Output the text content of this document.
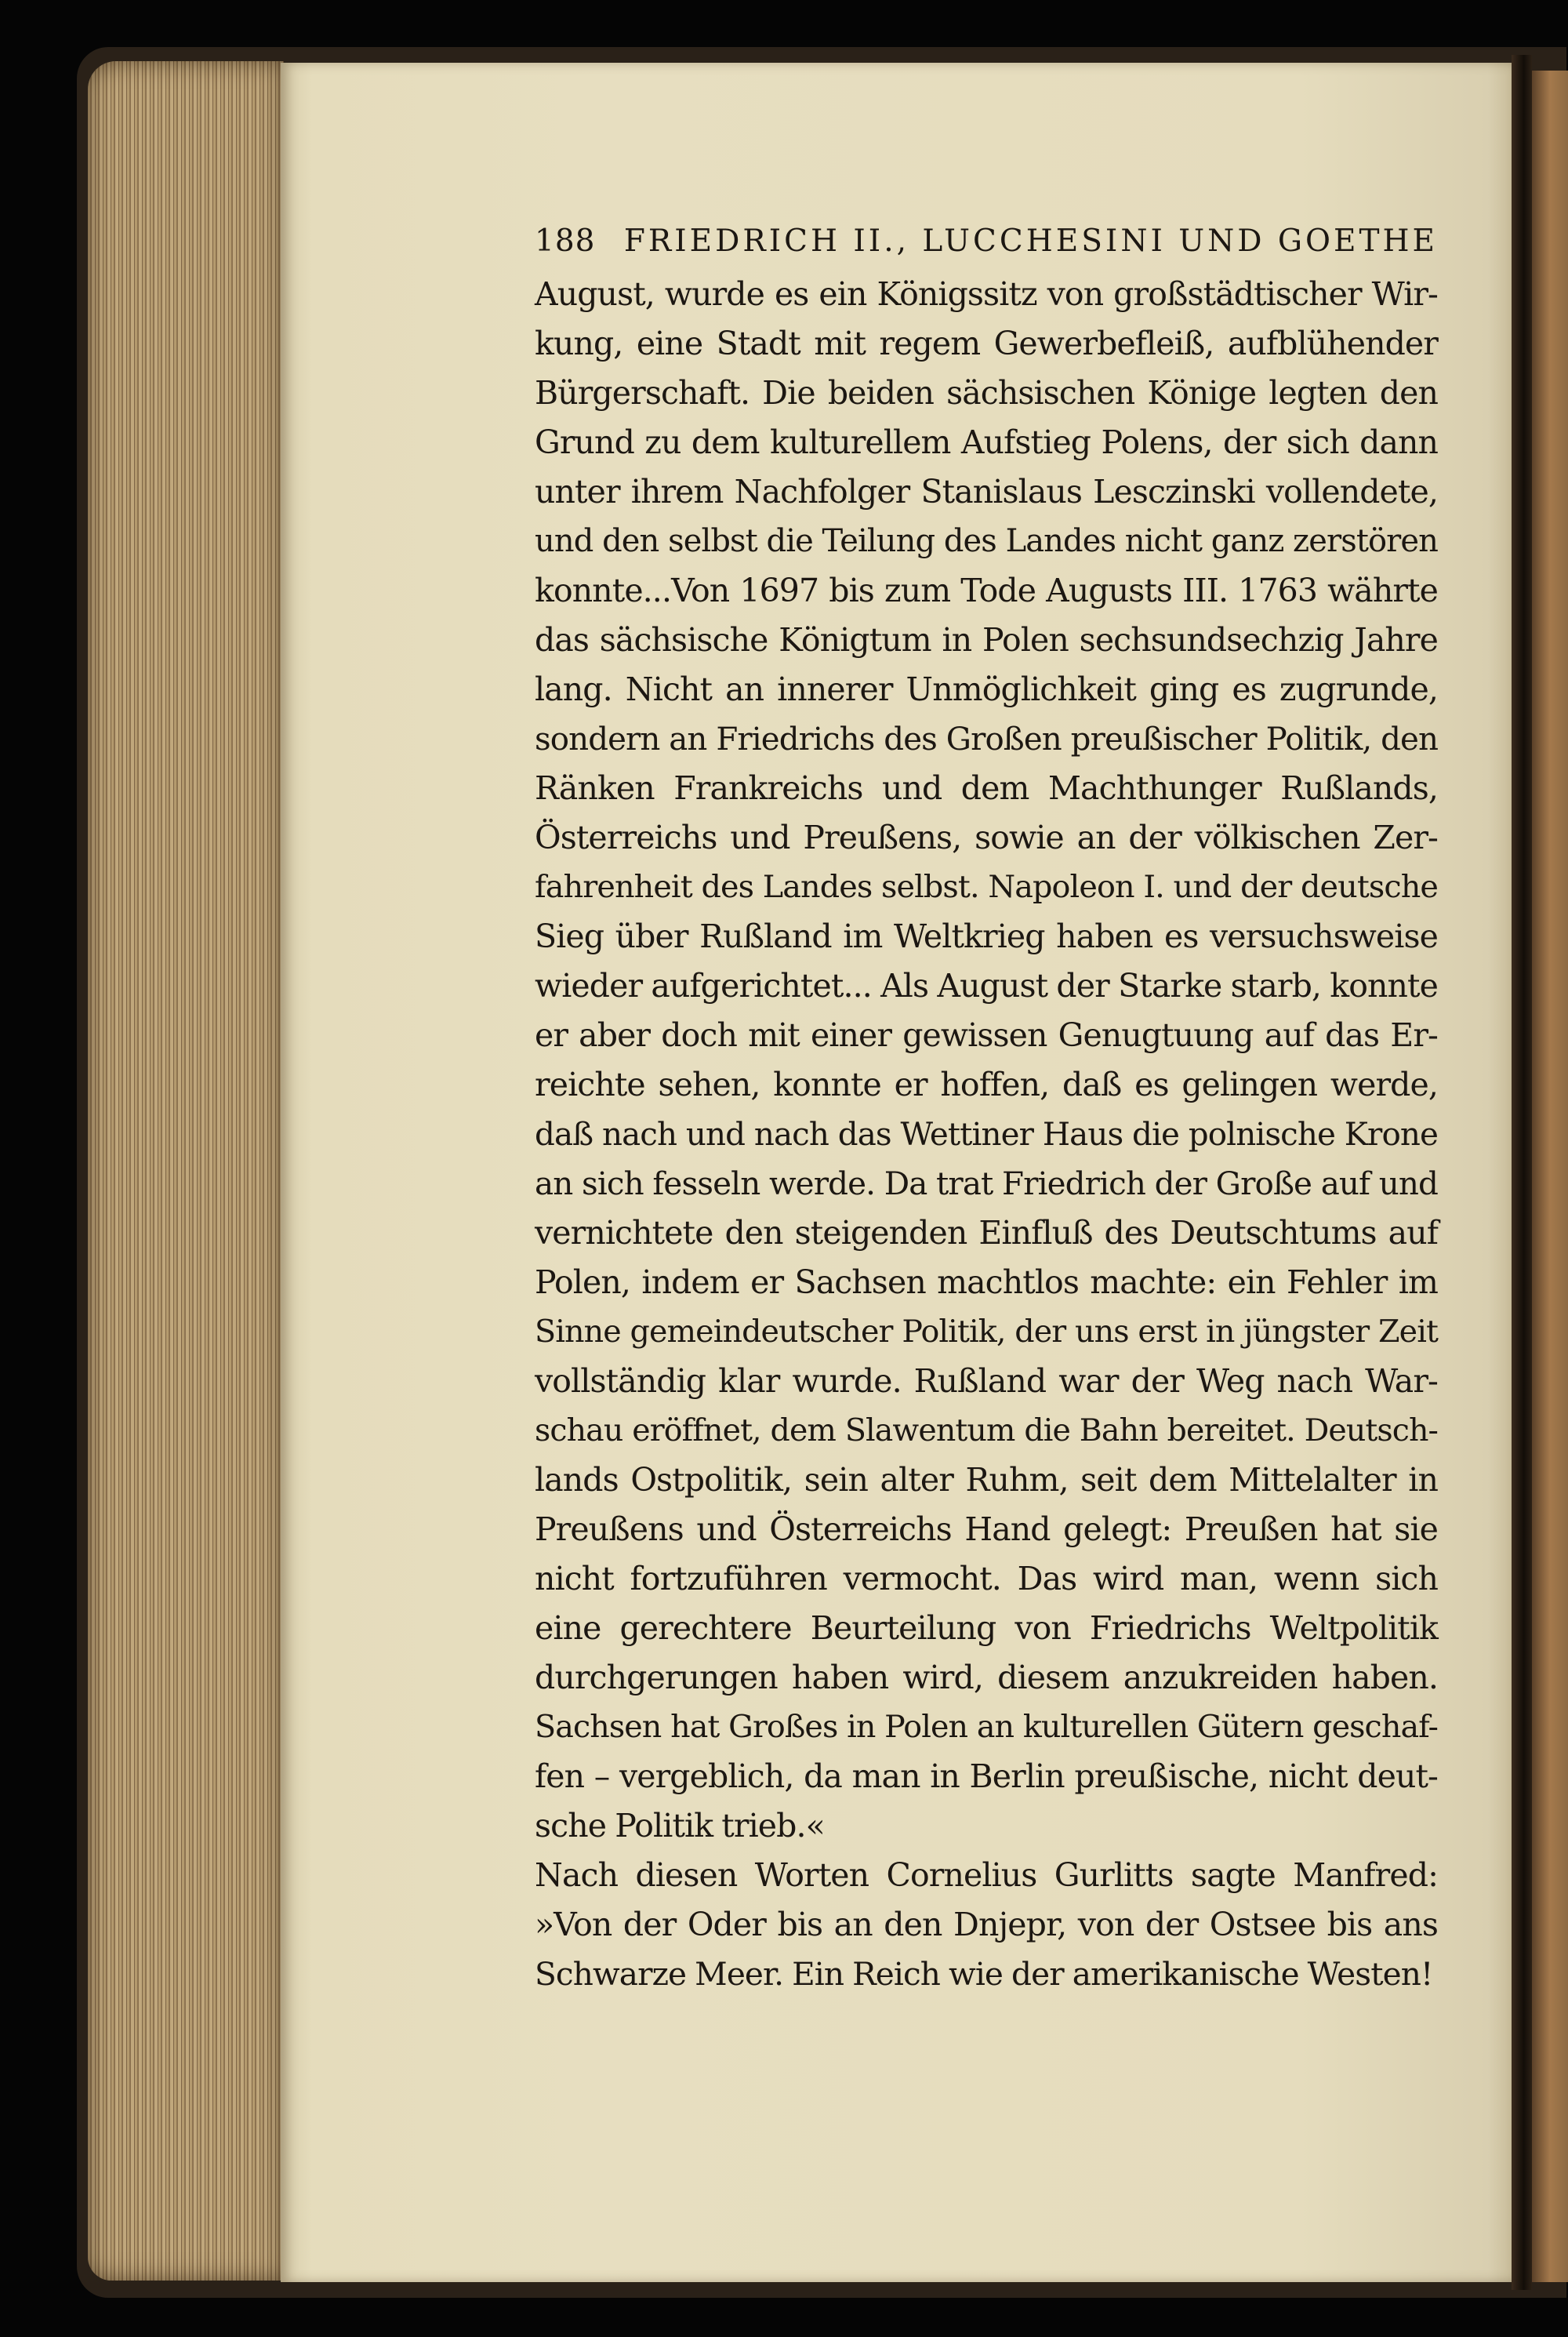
188 FRIEDRICH II., LUCCHESINI UND GOETHE
August, wurde es ein Königssitz von großstädtischer Wir-
kung, eine Stadt mit regem Gewerbefleiß, aufblühender
Bürgerschaft. Die beiden sächsischen Könige legten den
Grund zu dem kulturellem Aufstieg Polens, der sich dann
unter ihrem Nachfolger Stanislaus Lesczinski vollendete,
und den selbst die Teilung des Landes nicht ganz zerstören
konnte...Von 1697 bis zum Tode Augusts III. 1763 währte
das sächsische Königtum in Polen sechsundsechzig Jahre
lang. Nicht an innerer Unmöglichkeit ging es zugrunde,
sondern an Friedrichs des Großen preußischer Politik, den
Ränken Frankreichs und dem Machthunger Rußlands,
Österreichs und Preußens, sowie an der völkischen Zer-
fahrenheit des Landes selbst. Napoleon I. und der deutsche
Sieg über Rußland im Weltkrieg haben es versuchsweise
wieder aufgerichtet... Als August der Starke starb, konnte
er aber doch mit einer gewissen Genugtuung auf das Er-
reichte sehen, konnte er hoffen, daß es gelingen werde,
daß nach und nach das Wettiner Haus die polnische Krone
an sich fesseln werde. Da trat Friedrich der Große auf und
vernichtete den steigenden Einfluß des Deutschtums auf
Polen, indem er Sachsen machtlos machte: ein Fehler im
Sinne gemeindeutscher Politik, der uns erst in jüngster Zeit
vollständig klar wurde. Rußland war der Weg nach War-
schau eröffnet, dem Slawentum die Bahn bereitet. Deutsch-
lands Ostpolitik, sein alter Ruhm, seit dem Mittelalter in
Preußens und Österreichs Hand gelegt: Preußen hat sie
nicht fortzuführen vermocht. Das wird man, wenn sich
eine gerechtere Beurteilung von Friedrichs Weltpolitik
durchgerungen haben wird, diesem anzukreiden haben.
Sachsen hat Großes in Polen an kulturellen Gütern geschaf-
fen – vergeblich, da man in Berlin preußische, nicht deut-
sche Politik trieb.«
Nach diesen Worten Cornelius Gurlitts sagte Manfred:
»Von der Oder bis an den Dnjepr, von der Ostsee bis ans
Schwarze Meer. Ein Reich wie der amerikanische Westen!
